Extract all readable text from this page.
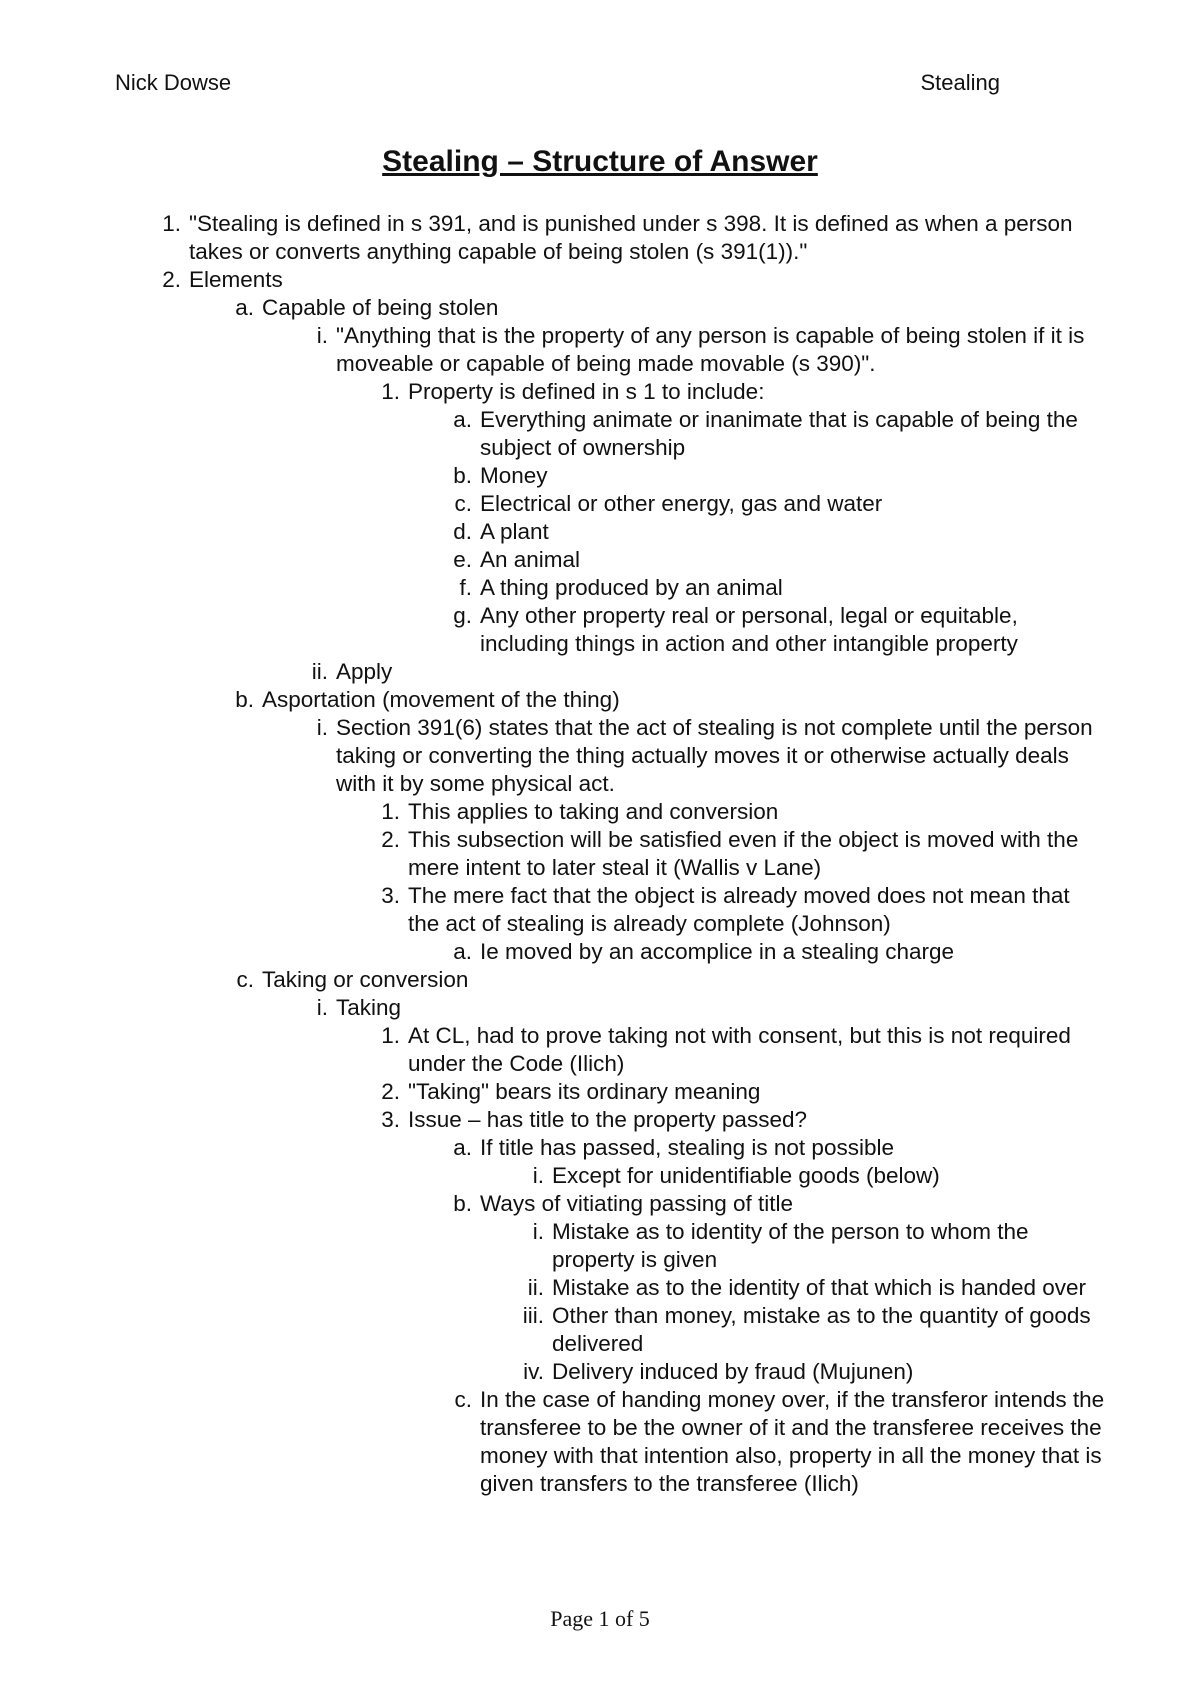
Nick Dowse	Stealing
Stealing – Structure of Answer
1. "Stealing is defined in s 391, and is punished under s 398. It is defined as when a person takes or converts anything capable of being stolen (s 391(1))."
2. Elements
a. Capable of being stolen
i. "Anything that is the property of any person is capable of being stolen if it is moveable or capable of being made movable (s 390)".
1. Property is defined in s 1 to include:
a. Everything animate or inanimate that is capable of being the subject of ownership
b. Money
c. Electrical or other energy, gas and water
d. A plant
e. An animal
f. A thing produced by an animal
g. Any other property real or personal, legal or equitable, including things in action and other intangible property
ii. Apply
b. Asportation (movement of the thing)
i. Section 391(6) states that the act of stealing is not complete until the person taking or converting the thing actually moves it or otherwise actually deals with it by some physical act.
1. This applies to taking and conversion
2. This subsection will be satisfied even if the object is moved with the mere intent to later steal it (Wallis v Lane)
3. The mere fact that the object is already moved does not mean that the act of stealing is already complete (Johnson)
a. Ie moved by an accomplice in a stealing charge
c. Taking or conversion
i. Taking
1. At CL, had to prove taking not with consent, but this is not required under the Code (Ilich)
2. "Taking" bears its ordinary meaning
3. Issue – has title to the property passed?
a. If title has passed, stealing is not possible
i. Except for unidentifiable goods (below)
b. Ways of vitiating passing of title
i. Mistake as to identity of the person to whom the property is given
ii. Mistake as to the identity of that which is handed over
iii. Other than money, mistake as to the quantity of goods delivered
iv. Delivery induced by fraud (Mujunen)
c. In the case of handing money over, if the transferor intends the transferee to be the owner of it and the transferee receives the money with that intention also, property in all the money that is given transfers to the transferee (Ilich)
Page 1 of 5
